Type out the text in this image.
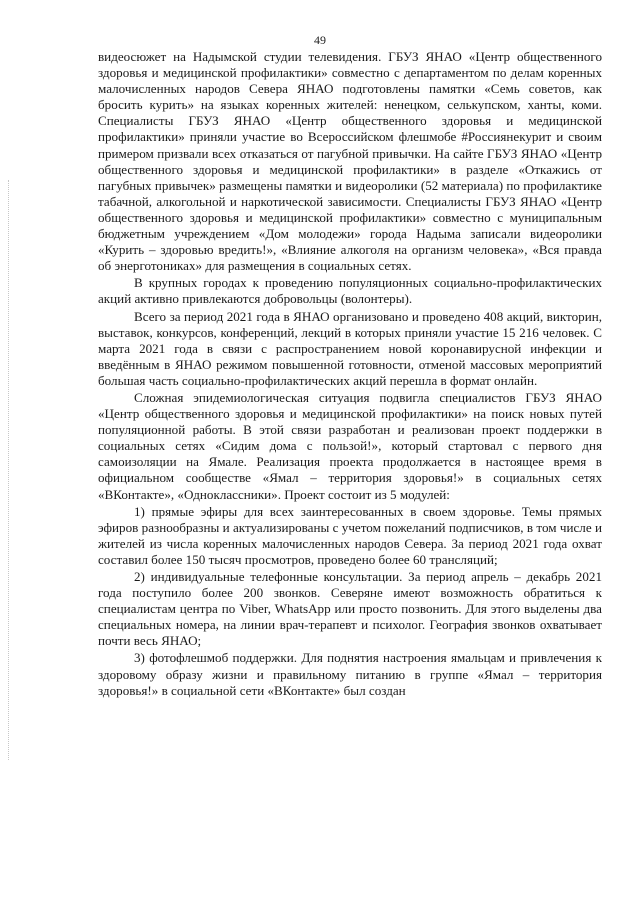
49

видеосюжет на Надымской студии телевидения. ГБУЗ ЯНАО «Центр общественного здоровья и медицинской профилактики» совместно с департаментом по делам коренных малочисленных народов Севера ЯНАО подготовлены памятки «Семь советов, как бросить курить» на языках коренных жителей: ненецком, селькупском, ханты, коми. Специалисты ГБУЗ ЯНАО «Центр общественного здоровья и медицинской профилактики» приняли участие во Всероссийском флешмобе #Россиянекурит и своим примером призвали всех отказаться от пагубной привычки. На сайте ГБУЗ ЯНАО «Центр общественного здоровья и медицинской профилактики» в разделе «Откажись от пагубных привычек» размещены памятки и видеоролики (52 материала) по профилактике табачной, алкогольной и наркотической зависимости. Специалисты ГБУЗ ЯНАО «Центр общественного здоровья и медицинской профилактики» совместно с муниципальным бюджетным учреждением «Дом молодежи» города Надыма записали видеоролики «Курить – здоровью вредить!», «Влияние алкоголя на организм человека», «Вся правда об энерготониках» для размещения в социальных сетях.

В крупных городах к проведению популяционных социально-профилактических акций активно привлекаются добровольцы (волонтеры).

Всего за период 2021 года в ЯНАО организовано и проведено 408 акций, викторин, выставок, конкурсов, конференций, лекций в которых приняли участие 15 216 человек. С марта 2021 года в связи с распространением новой коронавирусной инфекции и введённым в ЯНАО режимом повышенной готовности, отменой массовых мероприятий большая часть социально-профилактических акций перешла в формат онлайн.

Сложная эпидемиологическая ситуация подвигла специалистов ГБУЗ ЯНАО «Центр общественного здоровья и медицинской профилактики» на поиск новых путей популяционной работы. В этой связи разработан и реализован проект поддержки в социальных сетях «Сидим дома с пользой!», который стартовал с первого дня самоизоляции на Ямале. Реализация проекта продолжается в настоящее время в официальном сообществе «Ямал – территория здоровья!» в социальных сетях «ВКонтакте», «Одноклассники». Проект состоит из 5 модулей:

1) прямые эфиры для всех заинтересованных в своем здоровье. Темы прямых эфиров разнообразны и актуализированы с учетом пожеланий подписчиков, в том числе и жителей из числа коренных малочисленных народов Севера. За период 2021 года охват составил более 150 тысяч просмотров, проведено более 60 трансляций;

2) индивидуальные телефонные консультации. За период апрель – декабрь 2021 года поступило более 200 звонков. Северяне имеют возможность обратиться к специалистам центра по Viber, WhatsApp или просто позвонить. Для этого выделены два специальных номера, на линии врач-терапевт и психолог. География звонков охватывает почти весь ЯНАО;

3) фотофлешмоб поддержки. Для поднятия настроения ямальцам и привлечения к здоровому образу жизни и правильному питанию в группе «Ямал – территория здоровья!» в социальной сети «ВКонтакте» был создан
